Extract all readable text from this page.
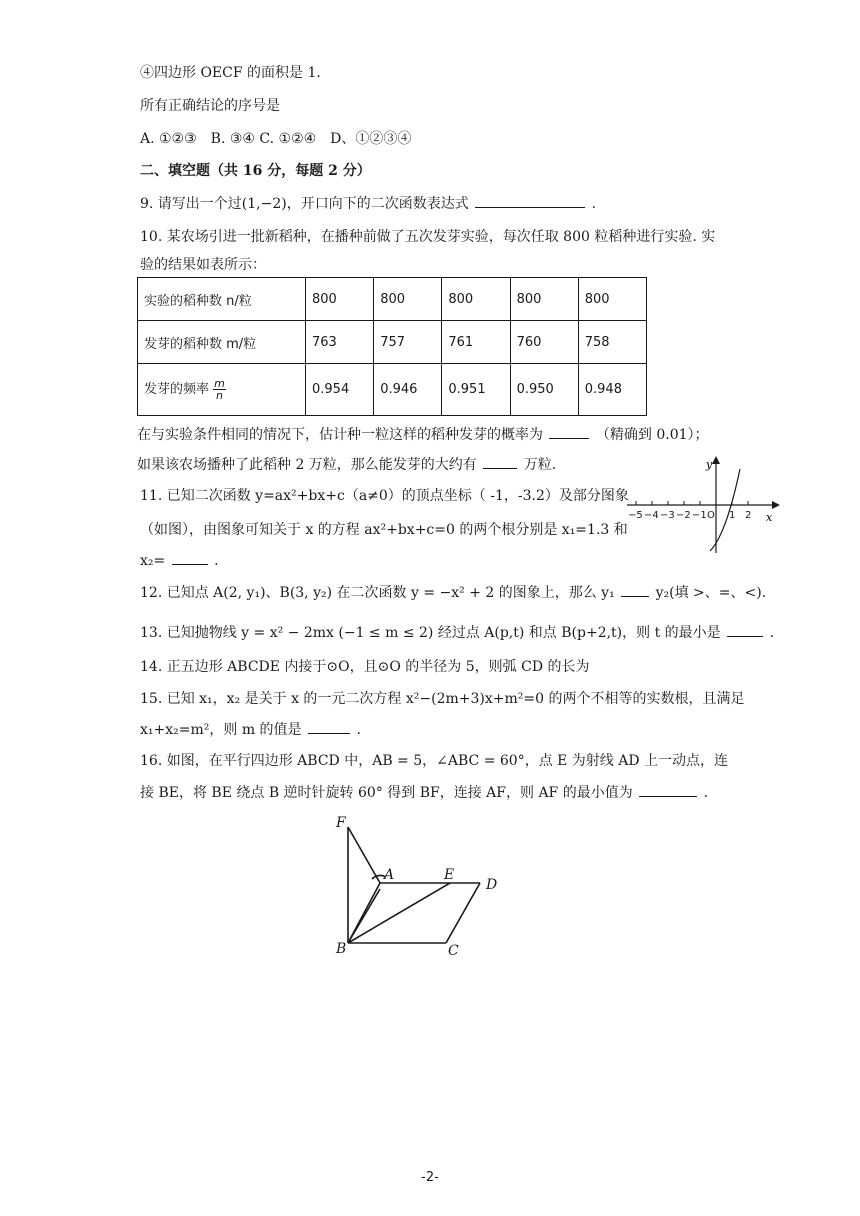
④四边形 OECF 的面积是 1.
所有正确结论的序号是
A. ①②③　B. ③④ C. ①②④　D、①②③④
二、填空题（共 16 分，每题 2 分）
9. 请写出一个过(1,−2)，开口向下的二次函数表达式	.
10. 某农场引进一批新稻种，在播种前做了五次发芽实验，每次任取 800 粒稻种进行实验. 实
验的结果如表所示：
实验的稻种数 n/粒	800	800	800	800	800
发芽的稻种数 m/粒	763	757	761	760	758
发芽的频率 $\frac{m}{n}$	0.954	0.946	0.951	0.950	0.948
在与实验条件相同的情况下，估计种一粒这样的稻种发芽的概率为	（精确到 0.01）；
如果该农场播种了此稻种 2 万粒，那么能发芽的大约有	万粒.
11. 已知二次函数 y=ax²+bx+c（a≠0）的顶点坐标（ -1，-3.2）及部分图象
（如图），由图象可知关于 x 的方程 ax²+bx+c=0 的两个根分别是 x₁=1.3 和
x₂=	.
y
x
−5 −4 −3 −2 −1 O 1 2
12. 已知点 A(2, y₁)、B(3, y₂) 在二次函数 y = −x² + 2 的图象上，那么 y₁	y₂(填 >、=、<).
13. 已知抛物线 y = x² − 2mx (−1 ≤ m ≤ 2) 经过点 A(p,t) 和点 B(p+2,t)，则 t 的最小是	.
14. 正五边形 ABCDE 内接于⊙O，且⊙O 的半径为 5，则弧 CD 的长为
15. 已知 x₁，x₂ 是关于 x 的一元二次方程 x²−(2m+3)x+m²=0 的两个不相等的实数根，且满足
x₁+x₂=m²，则 m 的值是	.
16. 如图，在平行四边形 ABCD 中，AB = 5，∠ABC = 60°，点 E 为射线 AD 上一动点，连
接 BE，将 BE 绕点 B 逆时针旋转 60° 得到 BF，连接 AF，则 AF 的最小值为	.
F
A	E
D
B	C
-2-
